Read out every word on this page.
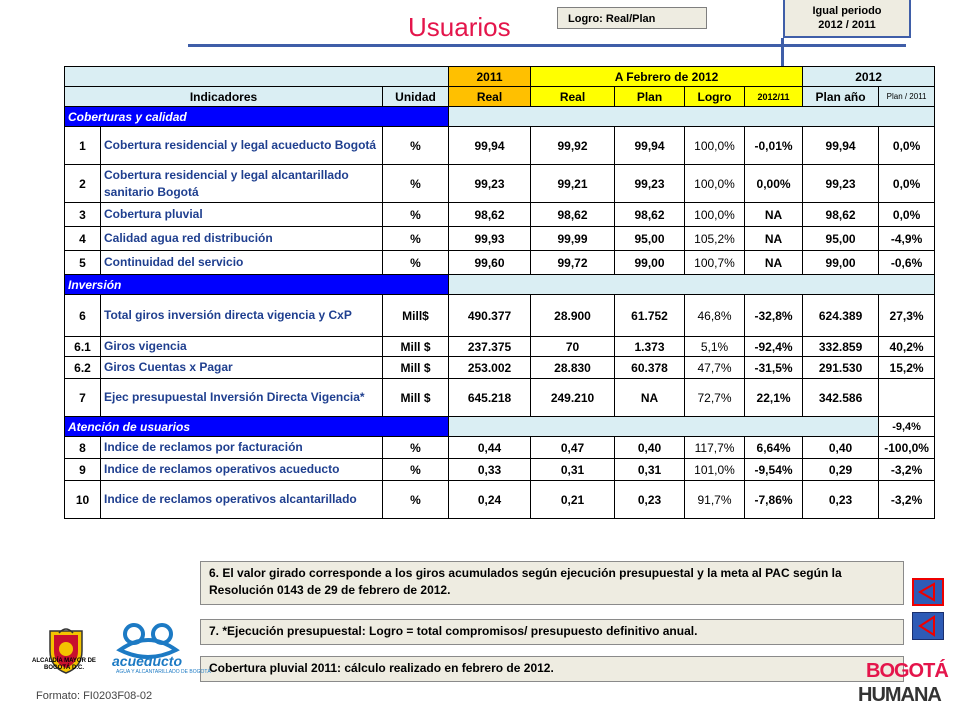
Usuarios	Logro: Real/Plan
Igual periodo
2012 / 2011
			2011	A Febrero de 2012				2012	
Indicadores		Unidad	Real	Real	Plan	Logro	2012/11	Plan año	Plan / 2011
Coberturas y calidad									
1	Cobertura residencial y legal acueducto Bogotá	%	99,94	99,92	99,94	100,0%	-0,01%	99,94	0,0%
2	Cobertura residencial y legal alcantarillado sanitario Bogotá	%	99,23	99,21	99,23	100,0%	0,00%	99,23	0,0%
3	Cobertura pluvial	%	98,62	98,62	98,62	100,0%	NA	98,62	0,0%
4	Calidad agua red distribución	%	99,93	99,99	95,00	105,2%	NA	95,00	-4,9%
5	Continuidad del servicio	%	99,60	99,72	99,00	100,7%	NA	99,00	-0,6%
Inversión									
6	Total giros inversión directa vigencia y CxP	Mill$	490.377	28.900	61.752	46,8%	-32,8%	624.389	27,3%
6.1	Giros vigencia	Mill $	237.375	70	1.373	5,1%	-92,4%	332.859	40,2%
6.2	Giros Cuentas x Pagar	Mill $	253.002	28.830	60.378	47,7%	-31,5%	291.530	15,2%
7	Ejec presupuestal Inversión Directa Vigencia*	Mill $	645.218	249.210	NA	72,7%	22,1%	342.586	
Atención de usuarios									-9,4%
8	Indice de reclamos por facturación	%	0,44	0,47	0,40	117,7%	6,64%	0,40	-100,0%
9	Indice de reclamos operativos acueducto	%	0,33	0,31	0,31	101,0%	-9,54%	0,29	-3,2%
10	Indice de reclamos operativos alcantarillado	%	0,24	0,21	0,23	91,7%	-7,86%	0,23	-3,2%
6. El valor girado corresponde a los giros acumulados según ejecución presupuestal y la meta al PAC según la Resolución 0143 de 29 de febrero de 2012.
7. *Ejecución presupuestal: Logro = total compromisos/ presupuesto definitivo anual.
Cobertura pluvial 2011: cálculo realizado en febrero de 2012.
ALCALDÍA MAYOR DE BOGOTÁ D.C.	acueducto
AGUA Y ALCANTARILLADO DE BOGOTÁ
Formato: FI0203F08-02
BOGOTÁ
HUMANA
